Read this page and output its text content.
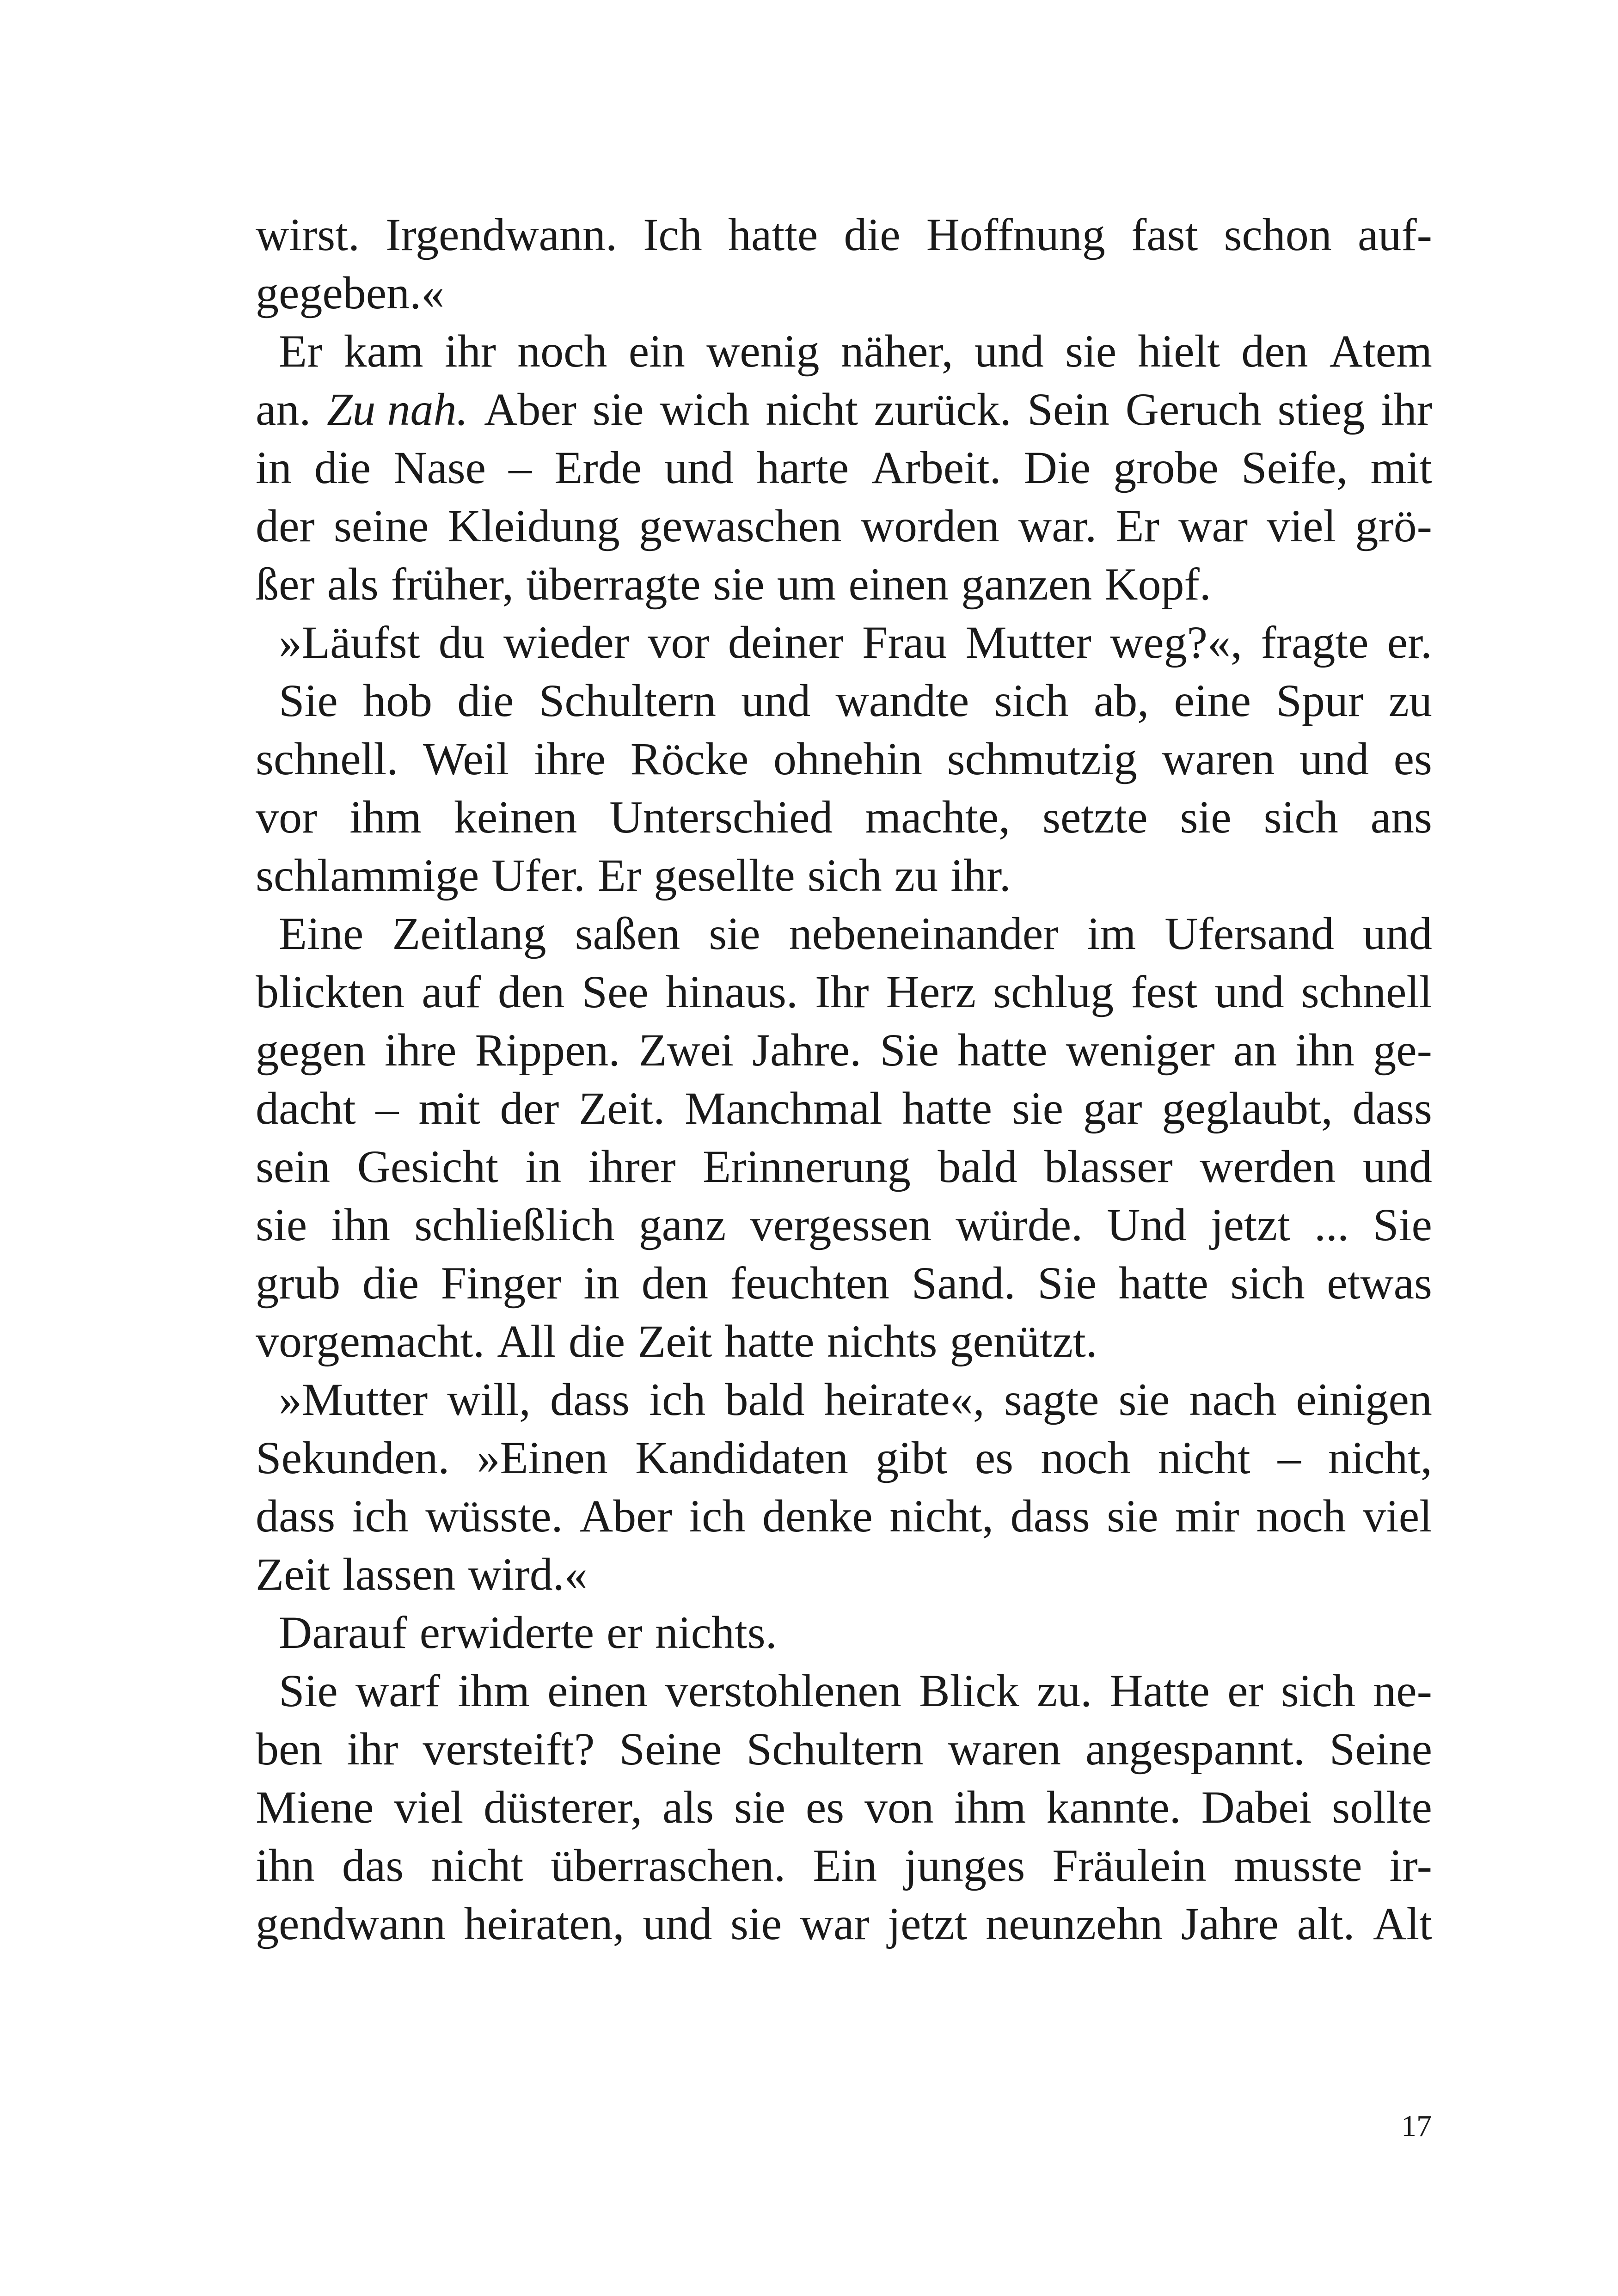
wirst. Irgendwann. Ich hatte die Hoffnung fast schon auf-
gegeben.«
Er kam ihr noch ein wenig näher, und sie hielt den Atem
an. Zu nah. Aber sie wich nicht zurück. Sein Geruch stieg ihr
in die Nase – Erde und harte Arbeit. Die grobe Seife, mit
der seine Kleidung gewaschen worden war. Er war viel grö-
ßer als früher, überragte sie um einen ganzen Kopf.
»Läufst du wieder vor deiner Frau Mutter weg?«, fragte er.
Sie hob die Schultern und wandte sich ab, eine Spur zu
schnell. Weil ihre Röcke ohnehin schmutzig waren und es
vor ihm keinen Unterschied machte, setzte sie sich ans
schlammige Ufer. Er gesellte sich zu ihr.
Eine Zeitlang saßen sie nebeneinander im Ufersand und
blickten auf den See hinaus. Ihr Herz schlug fest und schnell
gegen ihre Rippen. Zwei Jahre. Sie hatte weniger an ihn ge-
dacht – mit der Zeit. Manchmal hatte sie gar geglaubt, dass
sein Gesicht in ihrer Erinnerung bald blasser werden und
sie ihn schließlich ganz vergessen würde. Und jetzt ... Sie
grub die Finger in den feuchten Sand. Sie hatte sich etwas
vorgemacht. All die Zeit hatte nichts genützt.
»Mutter will, dass ich bald heirate«, sagte sie nach einigen
Sekunden. »Einen Kandidaten gibt es noch nicht – nicht,
dass ich wüsste. Aber ich denke nicht, dass sie mir noch viel
Zeit lassen wird.«
Darauf erwiderte er nichts.
Sie warf ihm einen verstohlenen Blick zu. Hatte er sich ne-
ben ihr versteift? Seine Schultern waren angespannt. Seine
Miene viel düsterer, als sie es von ihm kannte. Dabei sollte
ihn das nicht überraschen. Ein junges Fräulein musste ir-
gendwann heiraten, und sie war jetzt neunzehn Jahre alt. Alt
17
